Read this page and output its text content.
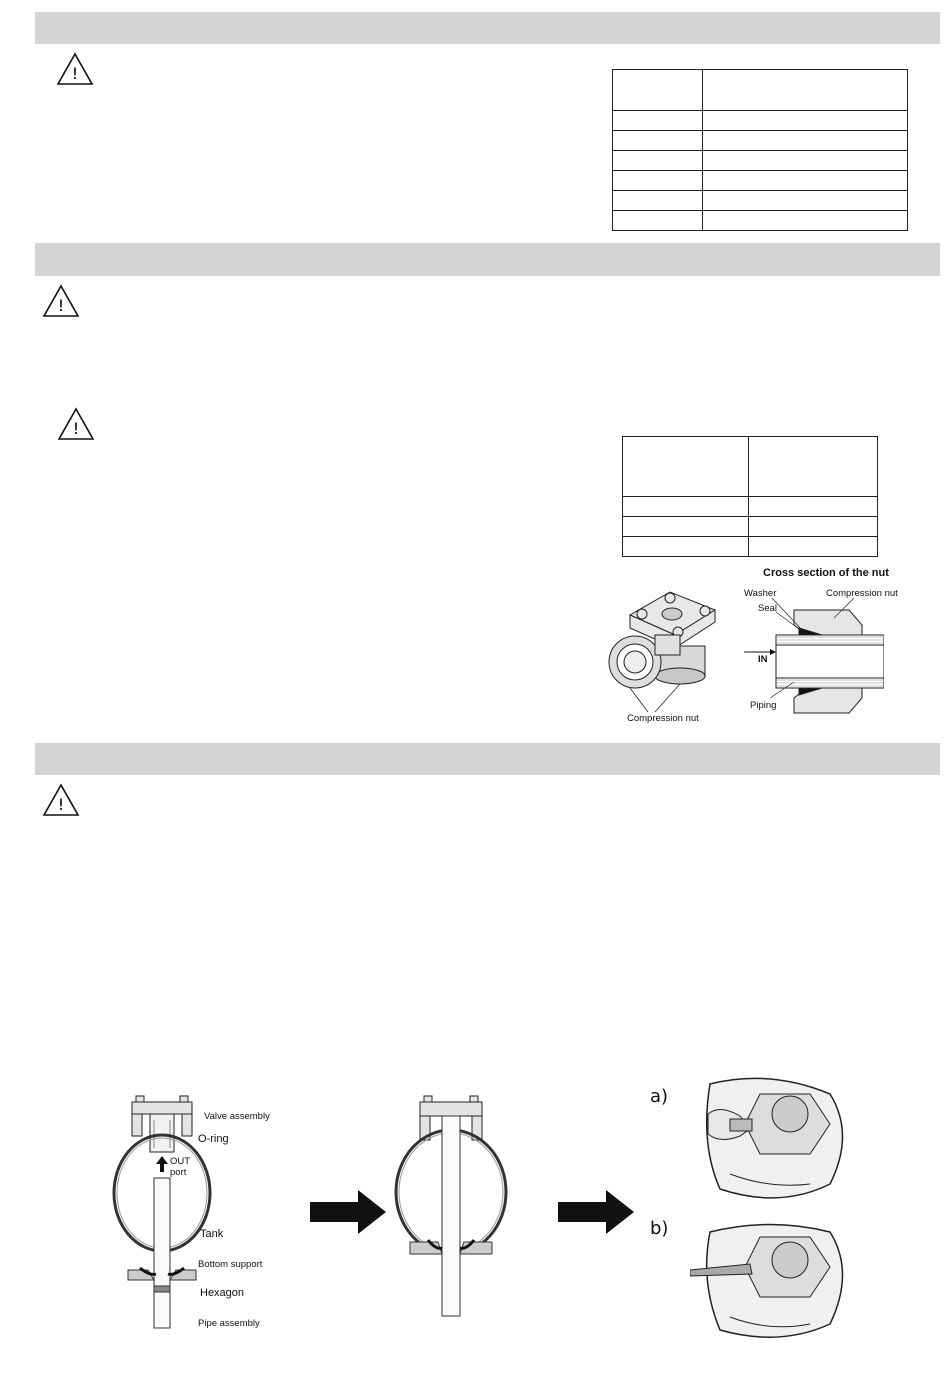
!

!
!

Compression nut
Cross section of the nut
Washer	Compression nut
Seal
IN
Piping
!
Valve assembly
O-ring
OUT
port
Tank
Bottom support
Hexagon
Pipe assembly
a)
b)
